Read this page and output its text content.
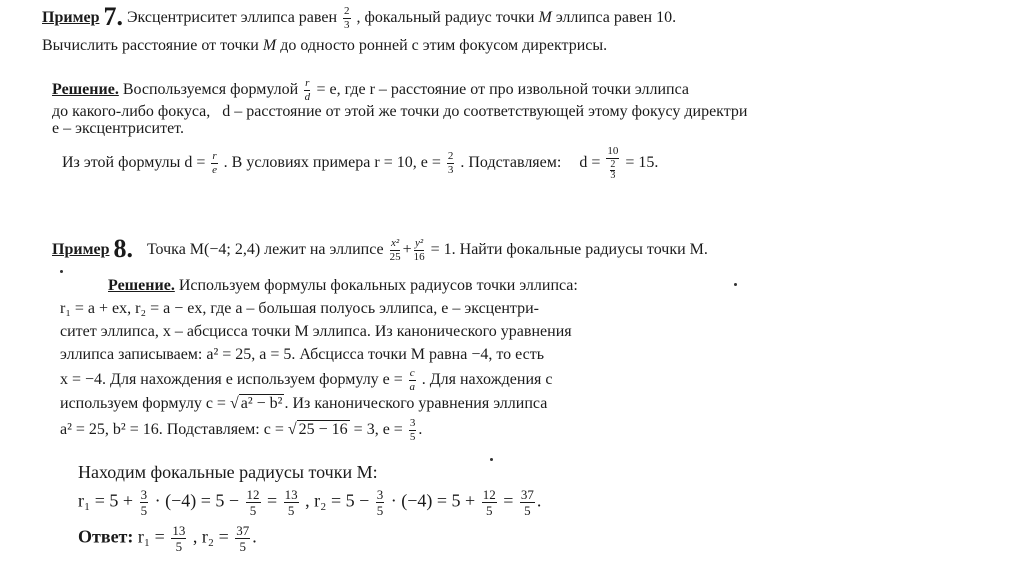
Пример 7. Эксцентриситет эллипса равен $\frac{2}{3}$ , фокальный радиус точки M эллипса равен 10.
Вычислить расстояние от точки M до односто ронней с этим фокусом директрисы.
Решение. Воспользуемся формулой $\frac{r}{d} = e$, где r – расстояние от про извольной точки эллипса
до какого-либо фокуса, d – расстояние от этой же точки до соответствующей этому фокусу директри
e – эксцентриситет.
Из этой формулы $d = \frac{r}{e}$ . В условиях примера r = 10, $e = \frac{2}{3}$ . Подставляем: d = 10
2
3 = 15.
Пример 8. Точка M(−4; 2,4) лежит на эллипсе $\frac{\text{x²}}{25} + \frac{\text{y²}}{16} = 1$. Найти фокальные радиусы точки M.
Решение. Используем формулы фокальных радиусов точки эллипса:
r₁ = a + ex, r₂ = a − ex, где a – большая полуось эллипса, e – эксцентри-
ситет эллипса, x – абсцисса точки M эллипса. Из канонического уравнения
эллипса записываем: a² = 25, a = 5. Абсцисса точки M равна −4, то есть
x = −4. Для нахождения e используем формулу $e = \frac{c}{a}$ . Для нахождения c
используем формулу c = √ a² − b² . Из канонического уравнения эллипса
a² = 25, b² = 16. Подставляем: c = √ 25 − 16 = 3, $e = \frac{3}{5}$ .
Находим фокальные радиусы точки M:
$r_1 = 5 + \frac{3}{5} \cdot (-4) = 5 - \frac{12}{5} = \frac{13}{5}$ , $r_2 = 5 - \frac{3}{5} \cdot (-4) = 5 + \frac{12}{5} = \frac{37}{5}$ .
Ответ: $r_1 = \frac{13}{5}$ , $r_2 = \frac{37}{5}$ .
